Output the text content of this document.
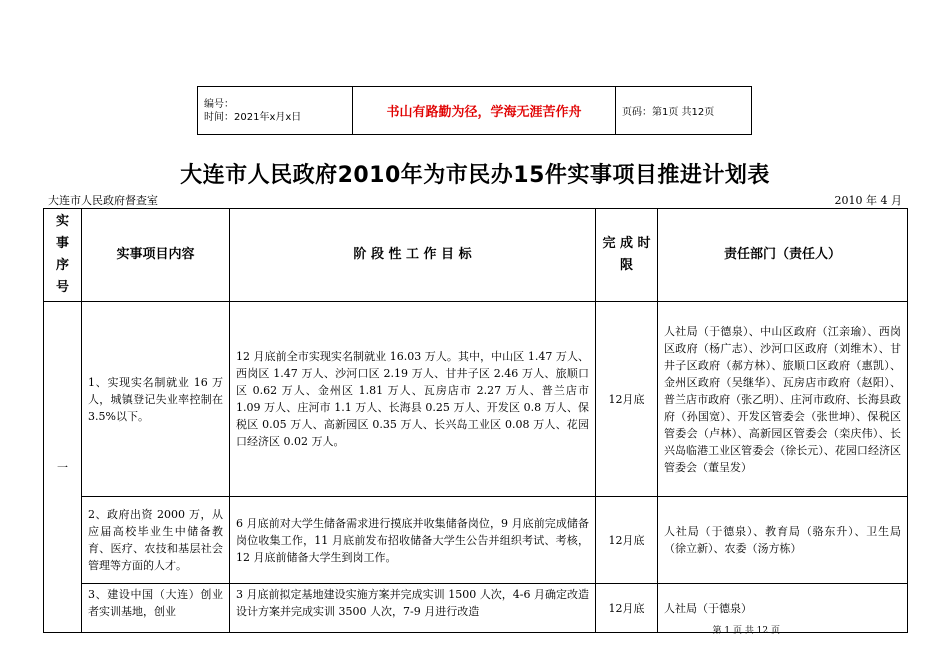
编号：
时间：2021年x月x日	书山有路勤为径，学海无涯苦作舟	页码：第1页 共12页
大连市人民政府2010年为市民办15件实事项目推进计划表
大连市人民政府督查室	2010 年 4 月
实事序号	实事项目内容	阶 段 性 工 作 目 标	完 成 时 限	责任部门（责任人）
一	1、实现实名制就业 16 万人，城镇登记失业率控制在 3.5%以下。	12 月底前全市实现实名制就业 16.03 万人。其中，中山区 1.47 万人、西岗区 1.47 万人、沙河口区 2.19 万人、甘井子区 2.46 万人、旅顺口区 0.62 万人、金州区 1.81 万人、瓦房店市 2.27 万人、普兰店市 1.09 万人、庄河市 1.1 万人、长海县 0.25 万人、开发区 0.8 万人、保税区 0.05 万人、高新园区 0.35 万人、长兴岛工业区 0.08 万人、花园口经济区 0.02 万人。	12月底	人社局（于德泉）、中山区政府（江亲瑜）、西岗区政府（杨广志）、沙河口区政府（刘维木）、甘井子区政府（郝方林）、旅顺口区政府（惠凯）、金州区政府（吴继华）、瓦房店市政府（赵阳）、普兰店市政府（张乙明）、庄河市政府、长海县政府（孙国宽）、开发区管委会（张世坤）、保税区管委会（卢林）、高新园区管委会（栾庆伟）、长兴岛临港工业区管委会（徐长元）、花园口经济区管委会（董呈发）
	2、政府出资 2000 万，从应届高校毕业生中储备教育、医疗、农技和基层社会管理等方面的人才。	6 月底前对大学生储备需求进行摸底并收集储备岗位，9 月底前完成储备岗位收集工作，11 月底前发布招收储备大学生公告并组织考试、考核，12 月底前储备大学生到岗工作。	12月底	人社局（于德泉）、教育局（骆东升）、卫生局（徐立新）、农委（汤方栋）
	3、建设中国（大连）创业者实训基地，创业	3 月底前拟定基地建设实施方案并完成实训 1500 人次，4-6 月确定改造设计方案并完成实训 3500 人次，7-9 月进行改造	12月底	人社局（于德泉）
第 1 页 共 12 页
